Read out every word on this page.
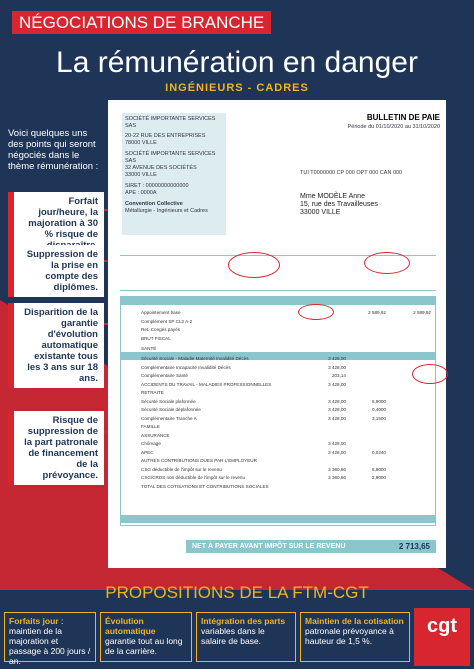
NÉGOCIATIONS DE BRANCHE
La rémunération en danger
INGÉNIEURS - CADRES
Voici quelques uns des points qui seront négociés dans le thème rémunération :
Forfait jour/heure, la majoration à 30 % risque de
Suppression de la prise en compte des diplômes.
Disparition de la garantie d'évolution automatique existante tous les 3 ans sur 18 ans.
Risque de suppression de la part patronale de financement de la prévoyance.
SOCIÉTÉ IMPORTANTE SERVICES SAS
20-22 RUE DES ENTREPRISES
78000 VILLE
SOCIÉTÉ IMPORTANTE SERVICES SAS
32 AVENUE DES SOCIÉTÉS
33000 VILLE
SIRET : 00000000000000
APE : 0000A
Convention Collective
Métallurgie - Ingénieurs et Cadres
BULLETIN DE PAIE
Période du 01/10/2020 au 31/10/2020
TUI T0000000 CP 000 OPT 000 CAN 000
Mme MODÈLE Anne
15, rue des Travailleuses
33000 VILLE
Appointement base	2 589,92	2 589,92
Complément SP CL2 A-2
Ret. Congés payés
BRUT FISCAL
SANTÉ
Sécurité Sociale - Maladie Maternité Invalidité Décès	3 428,00
Complémentaire Incapacité Invalidité Décès	3 428,00
Complémentaire Santé	203,14
ACCIDENTS DU TRAVAIL - MALADIES PROFESSIONNELLES	3 428,00
RETRAITE
Sécurité Sociale plafonnée	3 428,00	6,9000
Sécurité Sociale déplafonnée	3 428,00	0,4000
Complémentaire Tranche A	3 428,00	3,1500
FAMILLE
ASSURANCE
Chômage	3 428,00
APEC	3 428,00	0,0240
AUTRES CONTRIBUTIONS DUES PAR L'EMPLOYEUR
CSG déductible de l'impôt sur le revenu	3 360,56	6,8000
CSG/CRDS non déductible de l'impôt sur le revenu	3 360,56	2,9000
TOTAL DES COTISATIONS ET CONTRIBUTIONS SOCIALES
NET À PAYER AVANT IMPÔT SUR LE REVENU	2 713,65
PROPOSITIONS DE LA FTM-CGT
Forfaits jour : maintien de la majoration et passage à 200 jours / an.
Évolution automatique garantie tout au long de la carrière.
Intégration des parts variables dans le salaire de base.
Maintien de la cotisation patronale prévoyance à hauteur de 1,5 %.
cgt
